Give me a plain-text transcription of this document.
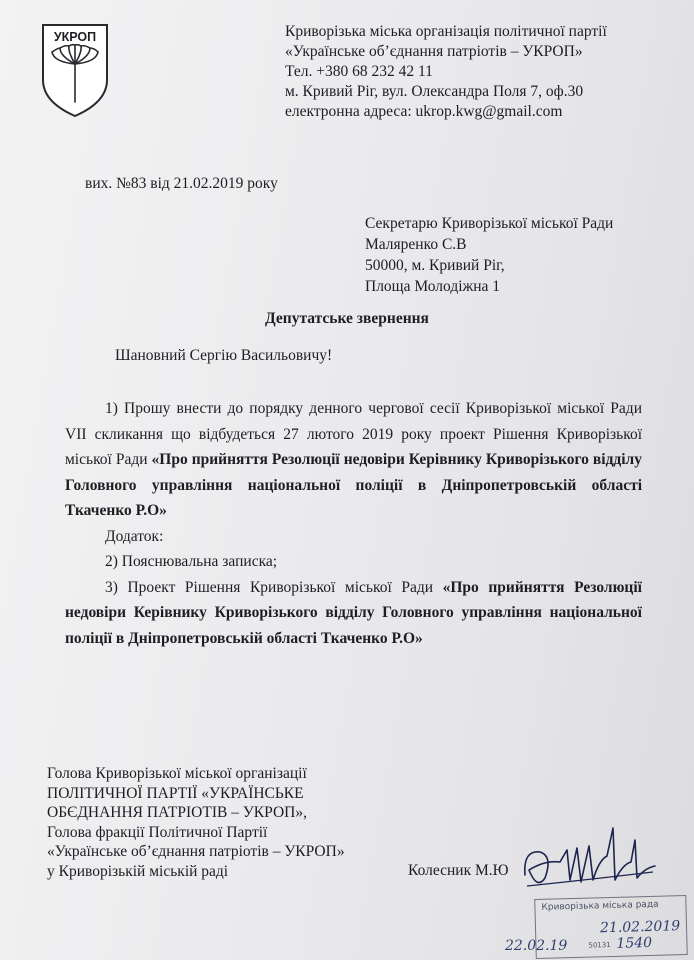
УКРОП	Криворізька міська організація політичної партії
«Українське об’єднання патріотів – УКРОП»
Тел. +380 68 232 42 11
м. Кривий Ріг, вул. Олександра Поля 7, оф.30
електронна адреса: ukrop.kwg@gmail.com
вих. №83 від 21.02.2019 року
Секретарю Криворізької міської Ради
Маляренко С.В
50000, м. Кривий Ріг,
Площа Молодіжна 1
Депутатське звернення
Шановний Сергію Васильовичу!

1) Прошу внести до порядку денного чергової сесії Криворізької міської Ради VII скликання що відбудеться 27 лютого 2019 року проект Рішення Криворізької міської Ради «Про прийняття Резолюції недовіри Керівнику Криворізького відділу Головного управління національної поліції в Дніпропетровській області Ткаченко Р.О»

Додаток:

2) Пояснювальна записка;

3) Проект Рішення Криворізької міської Ради «Про прийняття Резолюції недовіри Керівнику Криворізького відділу Головного управління національної поліції в Дніпропетровській області Ткаченко Р.О»

Голова Криворізької міської організації
ПОЛІТИЧНОЇ ПАРТІЇ «УКРАЇНСЬКЕ
ОБЄДНАННЯ ПАТРІОТІВ – УКРОП»,
Голова фракції Політичної Партії
«Українське об’єднання патріотів – УКРОП»
у Криворізькій міській раді	Колесник М.Ю
Криворізька міська рада
21.02.2019
50131 1540
22.02.19
